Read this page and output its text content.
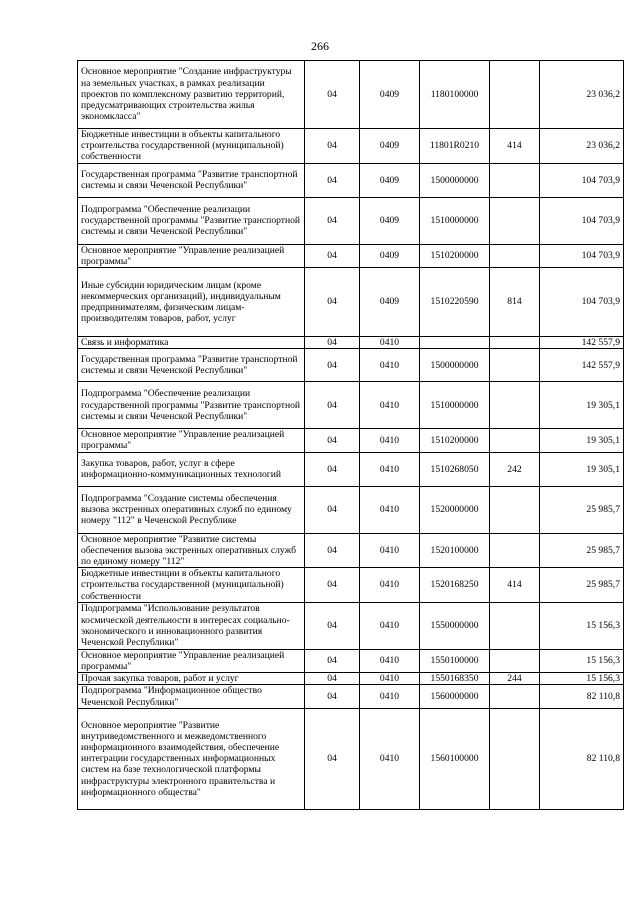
266
Основное мероприятие "Создание инфраструктуры на земельных участках, в рамках реализации проектов по комплексному развитию территорий, предусматривающих строительства жилья экономкласса"	04	0409	1180100000		23 036,2
Бюджетные инвестиции в объекты капитального строительства государственной (муниципальной) собственности	04	0409	11801R0210	414	23 036,2
Государственная программа "Развитие транспортной системы и связи Чеченской Республики"	04	0409	1500000000		104 703,9
Подпрограмма "Обеспечение реализации государственной программы "Развитие транспортной системы и связи Чеченской Республики"	04	0409	1510000000		104 703,9
Основное мероприятие "Управление реализацией программы"	04	0409	1510200000		104 703,9
Иные субсидии юридическим лицам (кроме некоммерческих организаций), индивидуальным предпринимателям, физическим лицам-производителям товаров, работ, услуг	04	0409	1510220590	814	104 703,9
Связь и информатика	04	0410			142 557,9
Государственная программа "Развитие транспортной системы и связи Чеченской Республики"	04	0410	1500000000		142 557,9
Подпрограмма "Обеспечение реализации государственной программы "Развитие транспортной системы и связи Чеченской Республики"	04	0410	1510000000		19 305,1
Основное мероприятие "Управление реализацией программы"	04	0410	1510200000		19 305,1
Закупка товаров, работ, услуг в сфере информационно-коммуникационных технологий	04	0410	1510268050	242	19 305,1
Подпрограмма "Создание системы обеспечения вызова экстренных оперативных служб по единому номеру "112" в Чеченской Республике	04	0410	1520000000		25 985,7
Основное мероприятие "Развитие системы обеспечения вызова экстренных оперативных служб по единому номеру "112"	04	0410	1520100000		25 985,7
Бюджетные инвестиции в объекты капитального строительства государственной (муниципальной) собственности	04	0410	1520168250	414	25 985,7
Подпрограмма "Использование результатов космической деятельности в интересах социально-экономического и инновационного развития Чеченской Республики"	04	0410	1550000000		15 156,3
Основное мероприятие "Управление реализацией программы"	04	0410	1550100000		15 156,3
Прочая закупка товаров, работ и услуг	04	0410	1550168350	244	15 156,3
Подпрограмма "Информационное общество Чеченской Республики"	04	0410	1560000000		82 110,8
Основное мероприятие "Развитие внутриведомственного и межведомственного информационного взаимодействия, обеспечение интеграции государственных информационных систем на базе технологической платформы инфраструктуры электронного правительства и информационного общества"	04	0410	1560100000		82 110,8
